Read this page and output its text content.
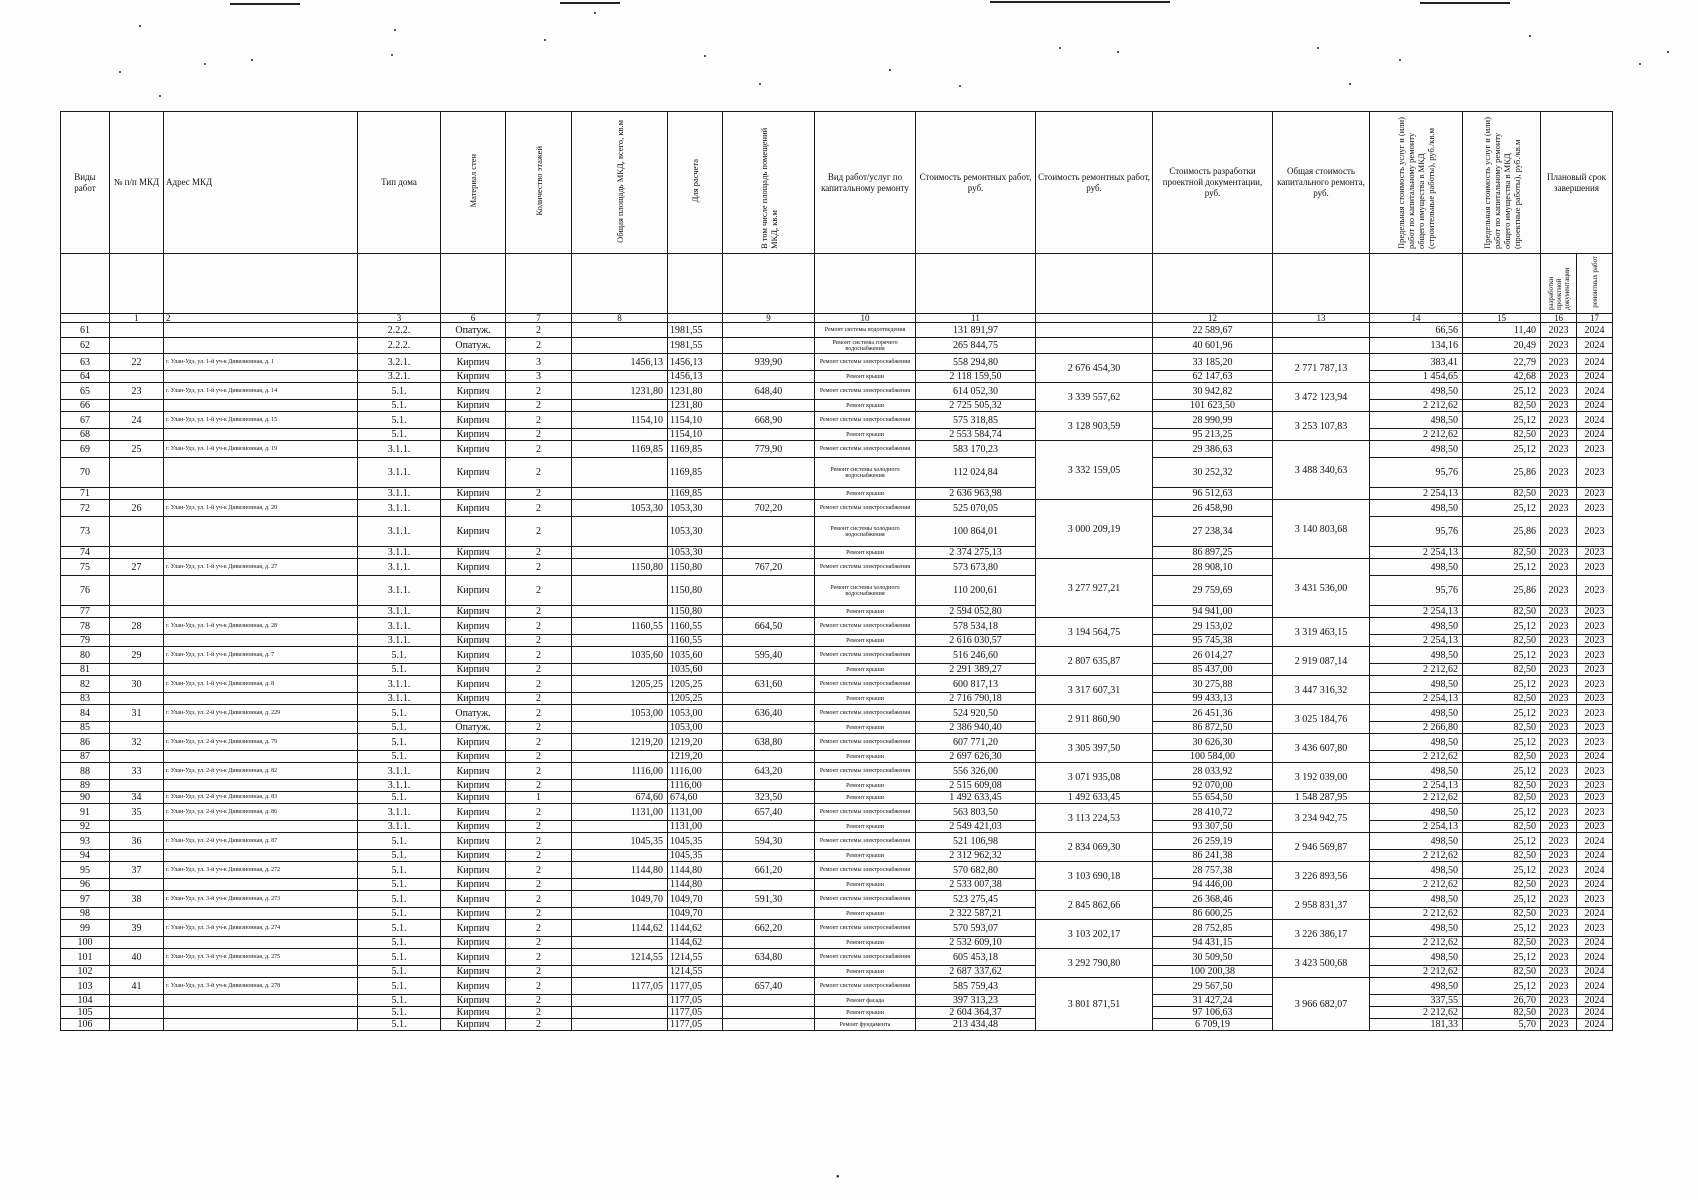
Виды работ	№ п/п МКД	Адрес МКД	Тип дома	Материал стен	Количество этажей	Общая площадь МКД, всего, кв.м	Для расчета	В том числе площадь помещений МКД, кв.м	Вид работ/услуг по капитальному ремонту	Стоимость ремонтных работ, руб.	Стоимость ремонтных работ, руб.	Стоимость разработки проектной документации, руб.	Общая стоимость капитального ремонта, руб.	Предельная стоимость услуг и (или) работ по капитальному ремонту общего имущества в МКД (строительные работы), руб./кв.м	Предельная стоимость услуг и (или) работ по капитальному ремонту общего имущества в МКД (проектные работы), руб./кв.м	Плановый срок завершения	
																разработки проектной документации	ремонтных работ
	1	2	3	6	7	8		9	10	11		12	13	14	15	16	17
61			2.2.2.	Опатуж.	2		1981,55		Ремонт системы водоотведения	131 891,97		22 589,67		66,56	11,40	2023	2024
62			2.2.2.	Опатуж.	2		1981,55		Ремонт системы горячего водоснабжения	265 844,75		40 601,96		134,16	20,49	2023	2024
63	22	г. Улан-Удэ, ул. 1-й уч-к Дивизионная, д. 1	3.2.1.	Кирпич	3	1456,13	1456,13	939,90	Ремонт системы электроснабжения	558 294,80	2 676 454,30	33 185,20	2 771 787,13	383,41	22,79	2023	2024
64			3.2.1.	Кирпич	3		1456,13		Ремонт крыши	2 118 159,50		62 147,63		1 454,65	42,68	2023	2024
65	23	г. Улан-Удэ, ул. 1-й уч-к Дивизионная, д. 14	5.1.	Кирпич	2	1231,80	1231,80	648,40	Ремонт системы электроснабжения	614 052,30	3 339 557,62	30 942,82	3 472 123,94	498,50	25,12	2023	2024
66			5.1.	Кирпич	2		1231,80		Ремонт крыши	2 725 505,32		101 623,50		2 212,62	82,50	2023	2024
67	24	г. Улан-Удэ, ул. 1-й уч-к Дивизионная, д. 15	5.1.	Кирпич	2	1154,10	1154,10	668,90	Ремонт системы электроснабжения	575 318,85	3 128 903,59	28 990,99	3 253 107,83	498,50	25,12	2023	2024
68			5.1.	Кирпич	2		1154,10		Ремонт крыши	2 553 584,74		95 213,25		2 212,62	82,50	2023	2024
69	25	г. Улан-Удэ, ул. 1-й уч-к Дивизионная, д. 19	3.1.1.	Кирпич	2	1169,85	1169,85	779,90	Ремонт системы электроснабжения	583 170,23	3 332 159,05	29 386,63	3 488 340,63	498,50	25,12	2023	2023
70			3.1.1.	Кирпич	2		1169,85		Ремонт системы холодного водоснабжения	112 024,84		30 252,32		95,76	25,86	2023	2023
71			3.1.1.	Кирпич	2		1169,85		Ремонт крыши	2 636 963,98		96 512,63		2 254,13	82,50	2023	2023
72	26	г. Улан-Удэ, ул. 1-й уч-к Дивизионная, д. 20	3.1.1.	Кирпич	2	1053,30	1053,30	702,20	Ремонт системы электроснабжения	525 070,05	3 000 209,19	26 458,90	3 140 803,68	498,50	25,12	2023	2023
73			3.1.1.	Кирпич	2		1053,30		Ремонт системы холодного водоснабжения	100 864,01		27 238,34		95,76	25,86	2023	2023
74			3.1.1.	Кирпич	2		1053,30		Ремонт крыши	2 374 275,13		86 897,25		2 254,13	82,50	2023	2023
75	27	г. Улан-Удэ, ул. 1-й уч-к Дивизионная, д. 27	3.1.1.	Кирпич	2	1150,80	1150,80	767,20	Ремонт системы электроснабжения	573 673,80	3 277 927,21	28 908,10	3 431 536,00	498,50	25,12	2023	2023
76			3.1.1.	Кирпич	2		1150,80		Ремонт системы холодного водоснабжения	110 200,61		29 759,69		95,76	25,86	2023	2023
77			3.1.1.	Кирпич	2		1150,80		Ремонт крыши	2 594 052,80		94 941,00		2 254,13	82,50	2023	2023
78	28	г. Улан-Удэ, ул. 1-й уч-к Дивизионная, д. 28	3.1.1.	Кирпич	2	1160,55	1160,55	664,50	Ремонт системы электроснабжения	578 534,18	3 194 564,75	29 153,02	3 319 463,15	498,50	25,12	2023	2023
79			3.1.1.	Кирпич	2		1160,55		Ремонт крыши	2 616 030,57		95 745,38		2 254,13	82,50	2023	2023
80	29	г. Улан-Удэ, ул. 1-й уч-к Дивизионная, д. 7	5.1.	Кирпич	2	1035,60	1035,60	595,40	Ремонт системы электроснабжения	516 246,60	2 807 635,87	26 014,27	2 919 087,14	498,50	25,12	2023	2023
81			5.1.	Кирпич	2		1035,60		Ремонт крыши	2 291 389,27		85 437,00		2 212,62	82,50	2023	2023
82	30	г. Улан-Удэ, ул. 1-й уч-к Дивизионная, д. 8	3.1.1.	Кирпич	2	1205,25	1205,25	631,60	Ремонт системы электроснабжения	600 817,13	3 317 607,31	30 275,88	3 447 316,32	498,50	25,12	2023	2023
83			3.1.1.	Кирпич	2		1205,25		Ремонт крыши	2 716 790,18		99 433,13		2 254,13	82,50	2023	2023
84	31	г. Улан-Удэ, ул. 2-й уч-к Дивизионная, д. 229	5.1.	Опатуж.	2	1053,00	1053,00	636,40	Ремонт системы электроснабжения	524 920,50	2 911 860,90	26 451,36	3 025 184,76	498,50	25,12	2023	2023
85			5.1.	Опатуж.	2		1053,00		Ремонт крыши	2 386 940,40		86 872,50		2 266,80	82,50	2023	2023
86	32	г. Улан-Удэ, ул. 2-й уч-к Дивизионная, д. 79	5.1.	Кирпич	2	1219,20	1219,20	638,80	Ремонт системы электроснабжения	607 771,20	3 305 397,50	30 626,30	3 436 607,80	498,50	25,12	2023	2023
87			5.1.	Кирпич	2		1219,20		Ремонт крыши	2 697 626,30		100 584,00		2 212,62	82,50	2023	2024
88	33	г. Улан-Удэ, ул. 2-й уч-к Дивизионная, д. 82	3.1.1.	Кирпич	2	1116,00	1116,00	643,20	Ремонт системы электроснабжения	556 326,00	3 071 935,08	28 033,92	3 192 039,00	498,50	25,12	2023	2023
89			3.1.1.	Кирпич	2		1116,00		Ремонт крыши	2 515 609,08		92 070,00		2 254,13	82,50	2023	2023
90	34	г. Улан-Удэ, ул. 2-й уч-к Дивизионная, д. 83	5.1.	Кирпич	1	674,60	674,60	323,50	Ремонт крыши	1 492 633,45	1 492 633,45	55 654,50	1 548 287,95	2 212,62	82,50	2023	2023
91	35	г. Улан-Удэ, ул. 2-й уч-к Дивизионная, д. 86	3.1.1.	Кирпич	2	1131,00	1131,00	657,40	Ремонт системы электроснабжения	563 803,50	3 113 224,53	28 410,72	3 234 942,75	498,50	25,12	2023	2023
92			3.1.1.	Кирпич	2		1131,00		Ремонт крыши	2 549 421,03		93 307,50		2 254,13	82,50	2023	2023
93	36	г. Улан-Удэ, ул. 2-й уч-к Дивизионная, д. 87	5.1.	Кирпич	2	1045,35	1045,35	594,30	Ремонт системы электроснабжения	521 106,98	2 834 069,30	26 259,19	2 946 569,87	498,50	25,12	2023	2024
94			5.1.	Кирпич	2		1045,35		Ремонт крыши	2 312 962,32		86 241,38		2 212,62	82,50	2023	2024
95	37	г. Улан-Удэ, ул. 3-й уч-к Дивизионная, д. 272	5.1.	Кирпич	2	1144,80	1144,80	661,20	Ремонт системы электроснабжения	570 682,80	3 103 690,18	28 757,38	3 226 893,56	498,50	25,12	2023	2024
96			5.1.	Кирпич	2		1144,80		Ремонт крыши	2 533 007,38		94 446,00		2 212,62	82,50	2023	2024
97	38	г. Улан-Удэ, ул. 3-й уч-к Дивизионная, д. 273	5.1.	Кирпич	2	1049,70	1049,70	591,30	Ремонт системы электроснабжения	523 275,45	2 845 862,66	26 368,46	2 958 831,37	498,50	25,12	2023	2023
98			5.1.	Кирпич	2		1049,70		Ремонт крыши	2 322 587,21		86 600,25		2 212,62	82,50	2023	2024
99	39	г. Улан-Удэ, ул. 3-й уч-к Дивизионная, д. 274	5.1.	Кирпич	2	1144,62	1144,62	662,20	Ремонт системы электроснабжения	570 593,07	3 103 202,17	28 752,85	3 226 386,17	498,50	25,12	2023	2023
100			5.1.	Кирпич	2		1144,62		Ремонт крыши	2 532 609,10		94 431,15		2 212,62	82,50	2023	2024
101	40	г. Улан-Удэ, ул. 3-й уч-к Дивизионная, д. 275	5.1.	Кирпич	2	1214,55	1214,55	634,80	Ремонт системы электроснабжения	605 453,18	3 292 790,80	30 509,50	3 423 500,68	498,50	25,12	2023	2024
102			5.1.	Кирпич	2		1214,55		Ремонт крыши	2 687 337,62		100 200,38		2 212,62	82,50	2023	2024
103	41	г. Улан-Удэ, ул. 3-й уч-к Дивизионная, д. 278	5.1.	Кирпич	2	1177,05	1177,05	657,40	Ремонт системы электроснабжения	585 759,43	3 801 871,51	29 567,50	3 966 682,07	498,50	25,12	2023	2024
104			5.1.	Кирпич	2		1177,05		Ремонт фасада	397 313,23		31 427,24		337,55	26,70	2023	2024
105			5.1.	Кирпич	2		1177,05		Ремонт крыши	2 604 364,37		97 106,63		2 212,62	82,50	2023	2024
106			5.1.	Кирпич	2		1177,05		Ремонт фундамента	213 434,48		6 709,19		181,33	5,70	2023	2024
•
